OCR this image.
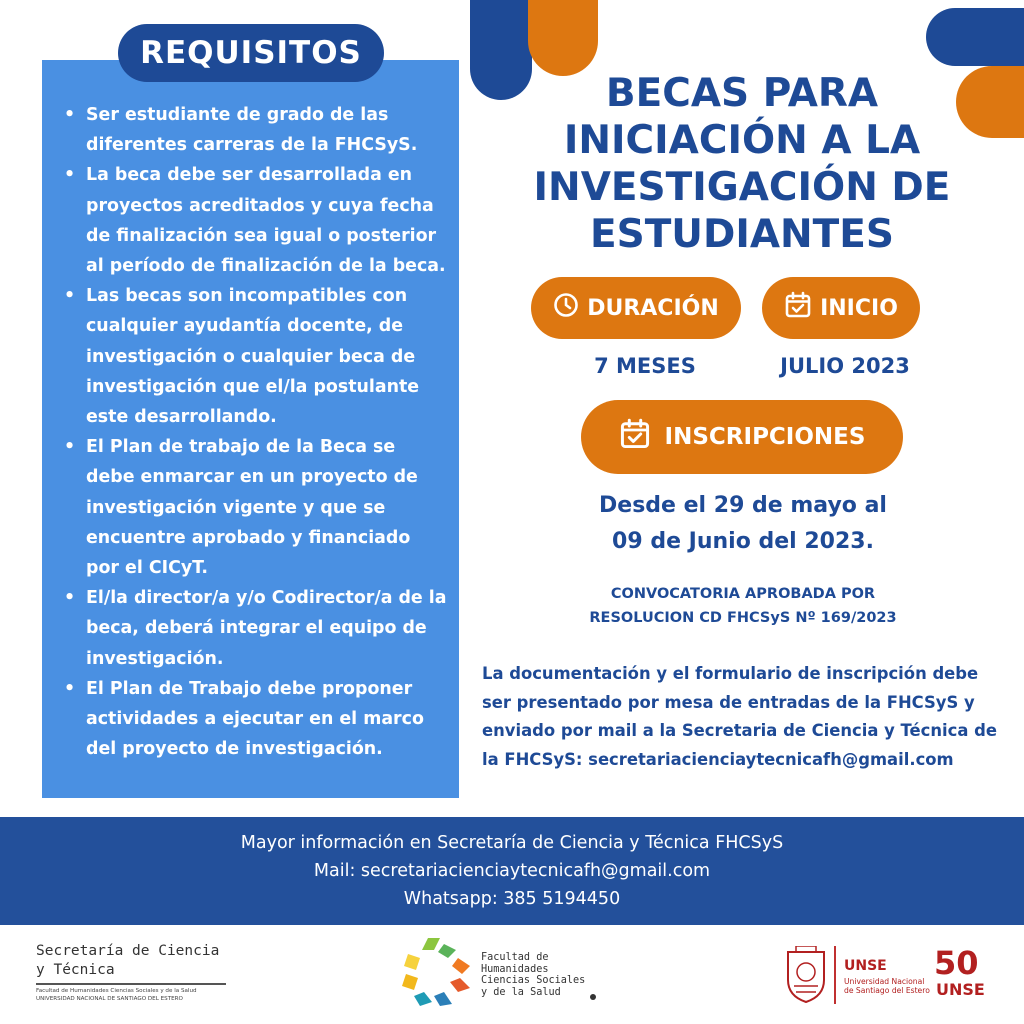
REQUISITOS
• Ser estudiante de grado de las diferentes carreras de la FHCSyS.
• La beca debe ser desarrollada en proyectos acreditados y cuya fecha de finalización sea igual o posterior al período de finalización de la beca.
• Las becas son incompatibles con cualquier ayudantía docente, de investigación o cualquier beca de investigación que el/la postulante este desarrollando.
• El Plan de trabajo de la Beca se debe enmarcar en un proyecto de investigación vigente y que se encuentre aprobado y financiado por el CICyT.
• El/la director/a y/o Codirector/a de la beca, deberá integrar el equipo de investigación.
• El Plan de Trabajo debe proponer actividades a ejecutar en el marco del proyecto de investigación.
BECAS PARA
INICIACIÓN A LA
INVESTIGACIÓN DE
ESTUDIANTES
DURACIÓN	INICIO
7 MESES	JULIO 2023
INSCRIPCIONES
Desde el 29 de mayo al
09 de Junio del 2023.
CONVOCATORIA APROBADA POR
RESOLUCION CD FHCSyS Nº 169/2023
La documentación y el formulario de inscripción debe
ser presentado por mesa de entradas de la FHCSyS y
enviado por mail a la Secretaria de Ciencia y Técnica de
la FHCSyS: secretariacienciaytecnicafh@gmail.com
Mayor información en Secretaría de Ciencia y Técnica FHCSyS
Mail: secretariacienciaytecnicafh@gmail.com
Whatsapp: 385 5194450
Secretaría de Ciencia
y Técnica
Facultad de Humanidades Ciencias Sociales y de la Salud
UNIVERSIDAD NACIONAL DE SANTIAGO DEL ESTERO
Facultad de
Humanidades
Ciencias Sociales
y de la Salud
UNSE
Universidad Nacional
de Santiago del Estero
50
UNSE
